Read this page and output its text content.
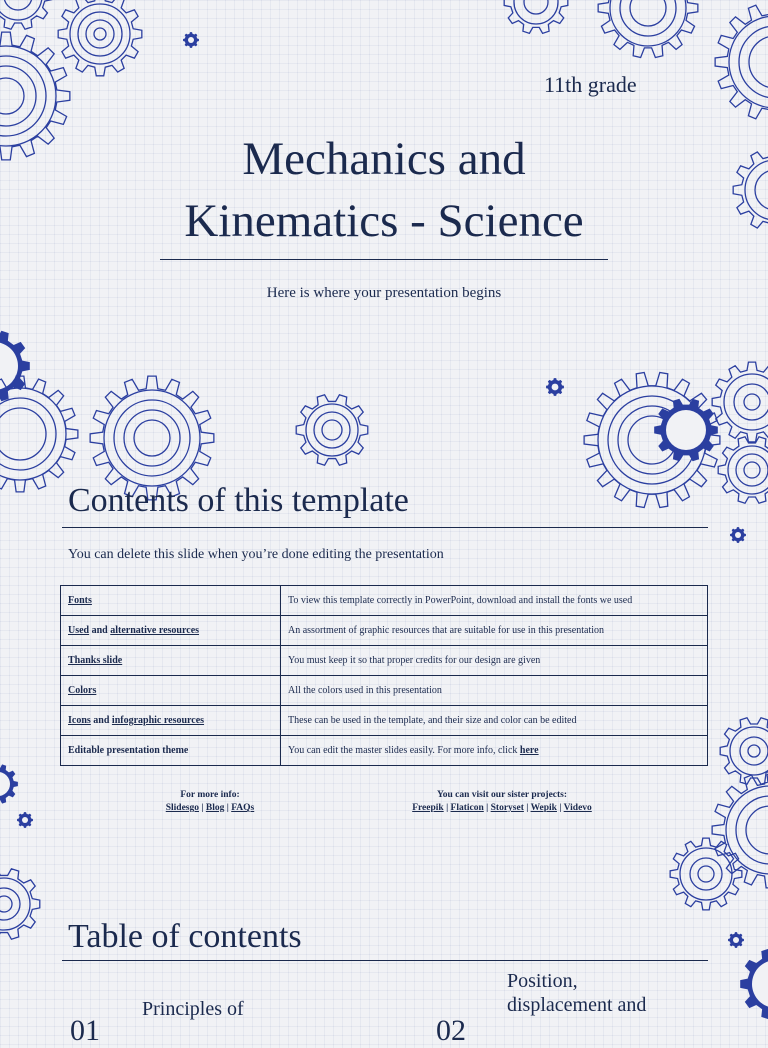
11th grade
Mechanics and
Kinematics - Science
Here is where your presentation begins
Contents of this template
You can delete this slide when you’re done editing the presentation
Fonts	To view this template correctly in PowerPoint, download and install the fonts we used
Used and alternative resources	An assortment of graphic resources that are suitable for use in this presentation
Thanks slide	You must keep it so that proper credits for our design are given
Colors	All the colors used in this presentation
Icons and infographic resources	These can be used in the template, and their size and color can be edited
Editable presentation theme	You can edit the master slides easily. For more info, click here
For more info:
Slidesgo | Blog | FAQs
You can visit our sister projects:
Freepik | Flaticon | Storyset | Wepik | Videvo
Table of contents
01
Principles of
02
Position,
displacement and
